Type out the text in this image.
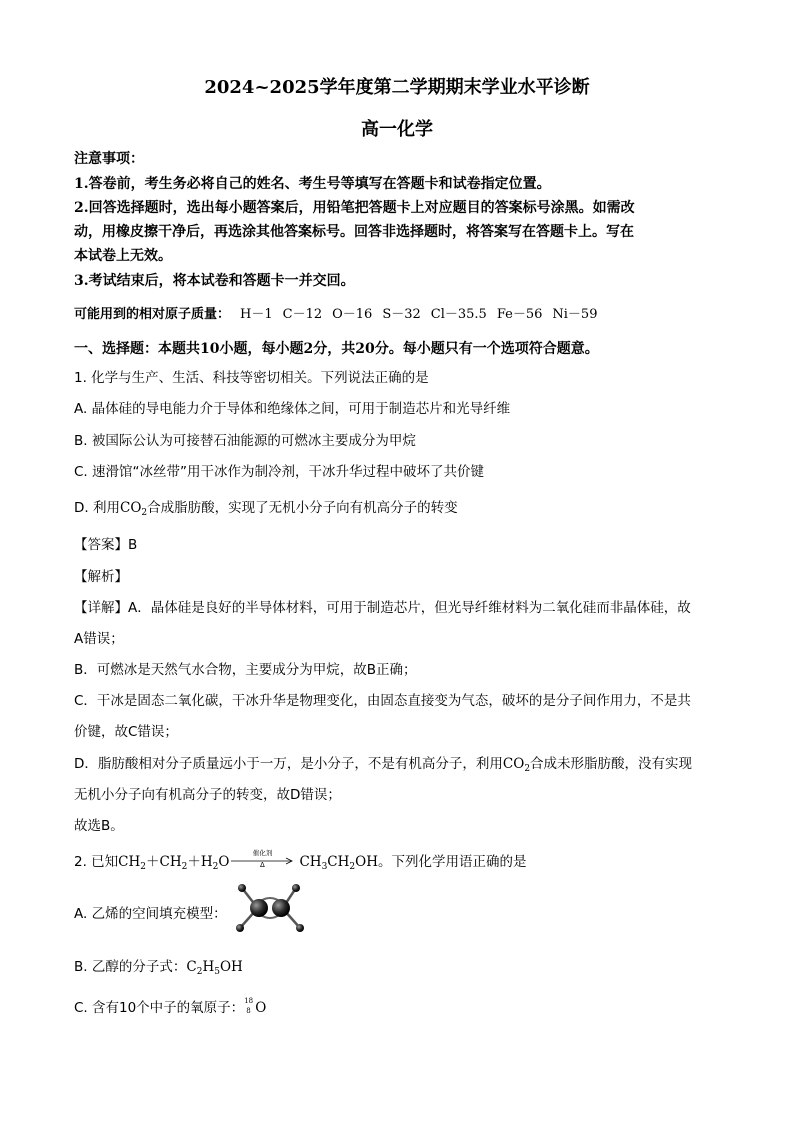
2024~2025学年度第二学期期末学业水平诊断
高一化学
注意事项：
1.答卷前，考生务必将自己的姓名、考生号等填写在答题卡和试卷指定位置。
2.回答选择题时，选出每小题答案后，用铅笔把答题卡上对应题目的答案标号涂黑。如需改
动，用橡皮擦干净后，再选涂其他答案标号。回答非选择题时，将答案写在答题卡上。写在
本试卷上无效。
3.考试结束后，将本试卷和答题卡一并交回。
可能用到的相对原子质量： H－1 C－12 O－16 S－32 Cl－35.5 Fe－56 Ni－59
一、选择题：本题共10小题，每小题2分，共20分。每小题只有一个选项符合题意。
1. 化学与生产、生活、科技等密切相关。下列说法正确的是
A. 晶体硅的导电能力介于导体和绝缘体之间，可用于制造芯片和光导纤维
B. 被国际公认为可接替石油能源的可燃冰主要成分为甲烷
C. 速滑馆“冰丝带”用干冰作为制冷剂，干冰升华过程中破坏了共价键
D. 利用$CO_2$合成脂肪酸，实现了无机小分子向有机高分子的转变
【答案】B
【解析】
【详解】A．晶体硅是良好的半导体材料，可用于制造芯片，但光导纤维材料为二氧化硅而非晶体硅，故
A错误；
B．可燃冰是天然气水合物，主要成分为甲烷，故B正确；
C．干冰是固态二氧化碳，干冰升华是物理变化，由固态直接变为气态，破坏的是分子间作用力，不是共
价键，故C错误；
D．脂肪酸相对分子质量远小于一万，是小分子，不是有机高分子，利用$CO_2$合成未形脂肪酸，没有实现
无机小分子向有机高分子的转变，故D错误；
故选B。
2. 已知$CH_2+CH_2+H_2O$
催化剂
Δ	$CH_3CH_2OH$。下列化学用语正确的是
A. 乙烯的空间填充模型：
B. 乙醇的分子式：$C_2H_5OH$
C. 含有10个中子的氧原子： 18
8 O
